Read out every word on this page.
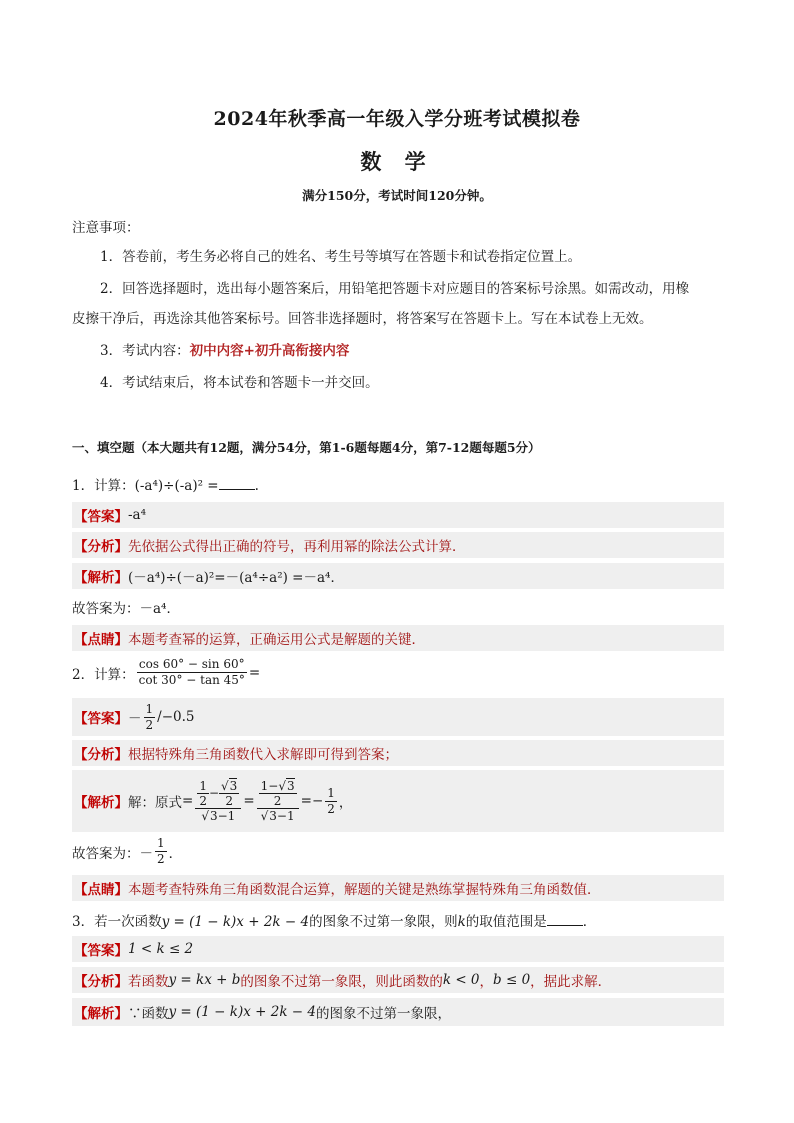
2024年秋季高一年级入学分班考试模拟卷
数 学
满分150分，考试时间120分钟。
注意事项：
1．答卷前，考生务必将自己的姓名、考生号等填写在答题卡和试卷指定位置上。
2．回答选择题时，选出每小题答案后，用铅笔把答题卡对应题目的答案标号涂黑。如需改动，用橡
皮擦干净后，再选涂其他答案标号。回答非选择题时，将答案写在答题卡上。写在本试卷上无效。
3．考试内容：初中内容+初升高衔接内容
4．考试结束后，将本试卷和答题卡一并交回。
一、填空题（本大题共有12题，满分54分，第1-6题每题4分，第7-12题每题5分）
1．计算：(-a⁴)÷(-a)² =	.
【答案】 -a⁴
【分析】 先依据公式得出正确的符号，再利用幂的除法公式计算．
【解析】 (－a⁴)÷(－a)²=－(a⁴÷a²) =－a⁴．
故答案为：－a⁴．
【点睛】 本题考查幂的运算，正确运用公式是解题的关键．
2．计算： $\frac{\cos 60^\circ - \sin 60^\circ}{\cot 30^\circ - \tan 45^\circ}$ =
【答案】 － $\frac{1}{2} /-0.5$
【分析】 根据特殊角三角函数代入求解即可得到答案；
【解析】 解：原式 = $\frac{\frac{1}{2} - \frac{√3}{2}}{√3-1} = \frac{\frac{1-√3}{2}}{√3-1}$ = − $\frac{1}{2}$ ，
故答案为：－ $\frac{1}{2}$ ．
【点睛】 本题考查特殊角三角函数混合运算，解题的关键是熟练掌握特殊角三角函数值．
3．若一次函数y = (1 − k)x + 2k − 4的图象不过第一象限，则k的取值范围是	．
【答案】 1 < k ≤ 2
【分析】 若函数 y = kx + b 的图象不过第一象限，则此函数的 k < 0 ， b ≤ 0 ，据此求解．
【解析】 ∵函数 y = (1 − k)x + 2k − 4 的图象不过第一象限，
